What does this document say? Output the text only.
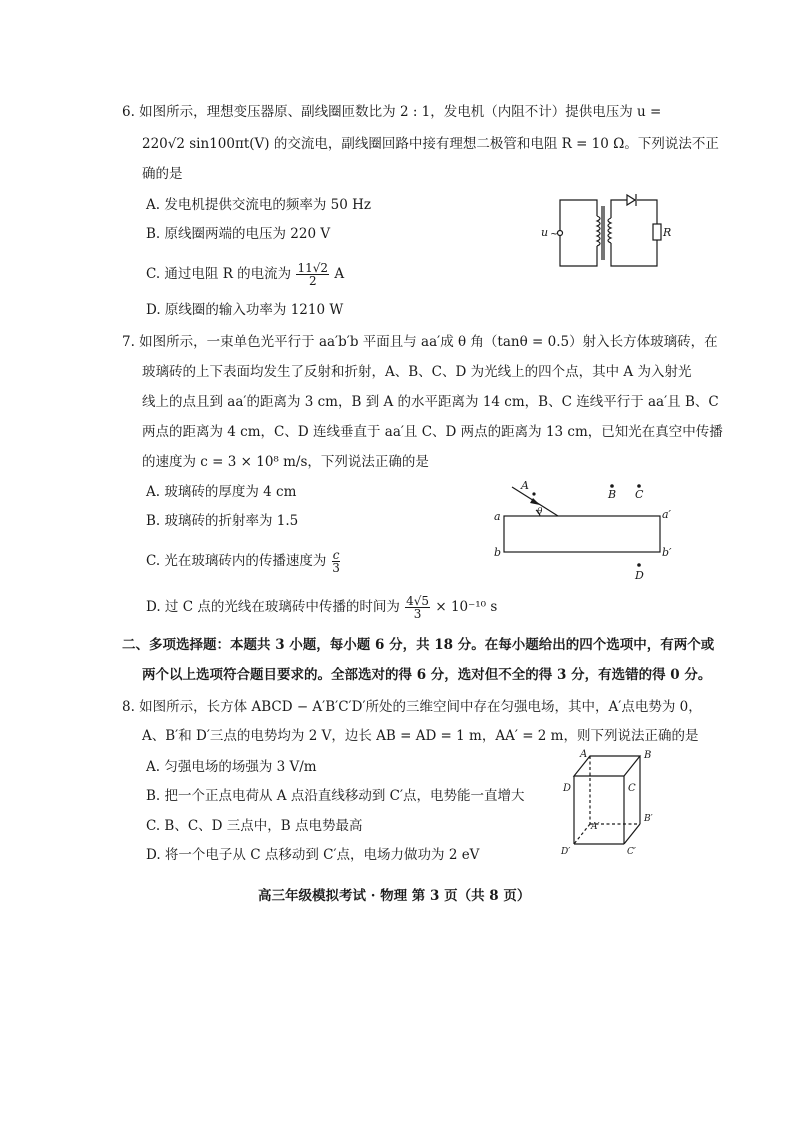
6. 如图所示，理想变压器原、副线圈匝数比为 2 : 1，发电机（内阻不计）提供电压为 u =
220√2 sin100πt(V) 的交流电，副线圈回路中接有理想二极管和电阻 R = 10 Ω。下列说法不正
确的是
A. 发电机提供交流电的频率为 50 Hz
B. 原线圈两端的电压为 220 V
C. 通过电阻 R 的电流为 $\frac{11√2}{2}$ A
D. 原线圈的输入功率为 1210 W
u ~	R
7. 如图所示，一束单色光平行于 aa′b′b 平面且与 aa′成 θ 角（tanθ = 0.5）射入长方体玻璃砖，在
玻璃砖的上下表面均发生了反射和折射，A、B、C、D 为光线上的四个点，其中 A 为入射光
线上的点且到 aa′的距离为 3 cm，B 到 A 的水平距离为 14 cm，B、C 连线平行于 aa′且 B、C
两点的距离为 4 cm，C、D 连线垂直于 aa′且 C、D 两点的距离为 13 cm，已知光在真空中传播
的速度为 c = 3 × 10⁸ m/s，下列说法正确的是
A. 玻璃砖的厚度为 4 cm
B. 玻璃砖的折射率为 1.5
C. 光在玻璃砖内的传播速度为 $\frac{c}{3}$
D. 过 C 点的光线在玻璃砖中传播的时间为 $\frac{4√5}{3} \times 10^{-10}$ s
A
B C
D
θ
a	a′
b	b′
二、多项选择题：本题共 3 小题，每小题 6 分，共 18 分。在每小题给出的四个选项中，有两个或
两个以上选项符合题目要求的。全部选对的得 6 分，选对但不全的得 3 分，有选错的得 0 分。
8. 如图所示，长方体 ABCD − A′B′C′D′所处的三维空间中存在匀强电场，其中，A′点电势为 0，
A、B′和 D′三点的电势均为 2 V，边长 AB = AD = 1 m，AA′ = 2 m，则下列说法正确的是
A. 匀强电场的场强为 3 V/m
B. 把一个正点电荷从 A 点沿直线移动到 C′点，电势能一直增大
C. B、C、D 三点中，B 点电势最高
D. 将一个电子从 C 点移动到 C′点，电场力做功为 2 eV
A	B
C
D
A′
B′
C′
D′
高三年级模拟考试 · 物理 第 3 页（共 8 页）
